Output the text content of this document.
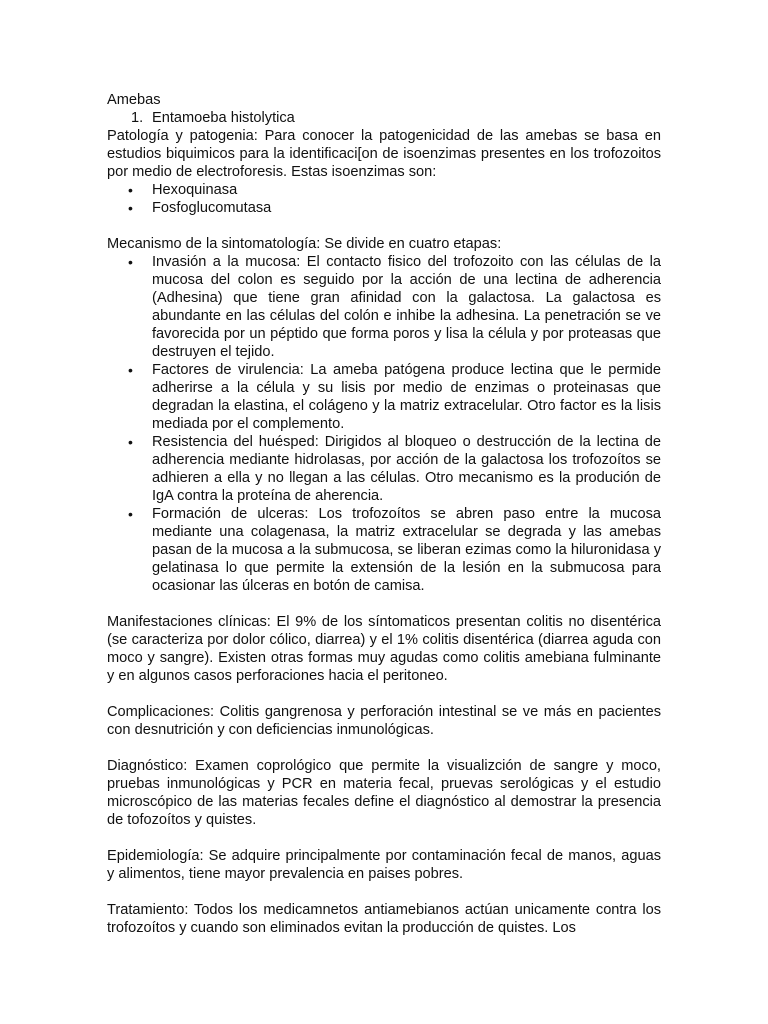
Amebas

1. Entamoeba histolytica

Patología y patogenia: Para conocer la patogenicidad de las amebas se basa en estudios biquimicos para la identificaci[on de isoenzimas presentes en los trofozoitos por medio de electroforesis. Estas isoenzimas son:

• Hexoquinasa
• Fosfoglucomutasa

Mecanismo de la sintomatología: Se divide en cuatro etapas:

• Invasión a la mucosa: El contacto fisico del trofozoito con las células de la mucosa del colon es seguido por la acción de una lectina de adherencia (Adhesina) que tiene gran afinidad con la galactosa. La galactosa es abundante en las células del colón e inhibe la adhesina. La penetración se ve favorecida por un péptido que forma poros y lisa la célula y por proteasas que destruyen el tejido.
• Factores de virulencia: La ameba patógena produce lectina que le permide adherirse a la célula y su lisis por medio de enzimas o proteinasas que degradan la elastina, el colágeno y la matriz extracelular. Otro factor es la lisis mediada por el complemento.
• Resistencia del huésped: Dirigidos al bloqueo o destrucción de la lectina de adherencia mediante hidrolasas, por acción de la galactosa los trofozoítos se adhieren a ella y no llegan a las células. Otro mecanismo es la produción de IgA contra la proteína de aherencia.
• Formación de ulceras: Los trofozoítos se abren paso entre la mucosa mediante una colagenasa, la matriz extracelular se degrada y las amebas pasan de la mucosa a la submucosa, se liberan ezimas como la hiluronidasa y gelatinasa lo que permite la extensión de la lesión en la submucosa para ocasionar las úlceras en botón de camisa.

Manifestaciones clínicas: El 9% de los síntomaticos presentan colitis no disentérica (se caracteriza por dolor cólico, diarrea) y el 1% colitis disentérica (diarrea aguda con moco y sangre). Existen otras formas muy agudas como colitis amebiana fulminante y en algunos casos perforaciones hacia el peritoneo.

Complicaciones: Colitis gangrenosa y perforación intestinal se ve más en pacientes con desnutrición y con deficiencias inmunológicas.

Diagnóstico: Examen coprológico que permite la visualizción de sangre y moco, pruebas inmunológicas y PCR en materia fecal, pruevas serológicas y el estudio microscópico de las materias fecales define el diagnóstico al demostrar la presencia de tofozoítos y quistes.

Epidemiología: Se adquire principalmente por contaminación fecal de manos, aguas y alimentos, tiene mayor prevalencia en paises pobres.

Tratamiento: Todos los medicamnetos antiamebianos actúan unicamente contra los trofozoítos y cuando son eliminados evitan la producción de quistes. Los
